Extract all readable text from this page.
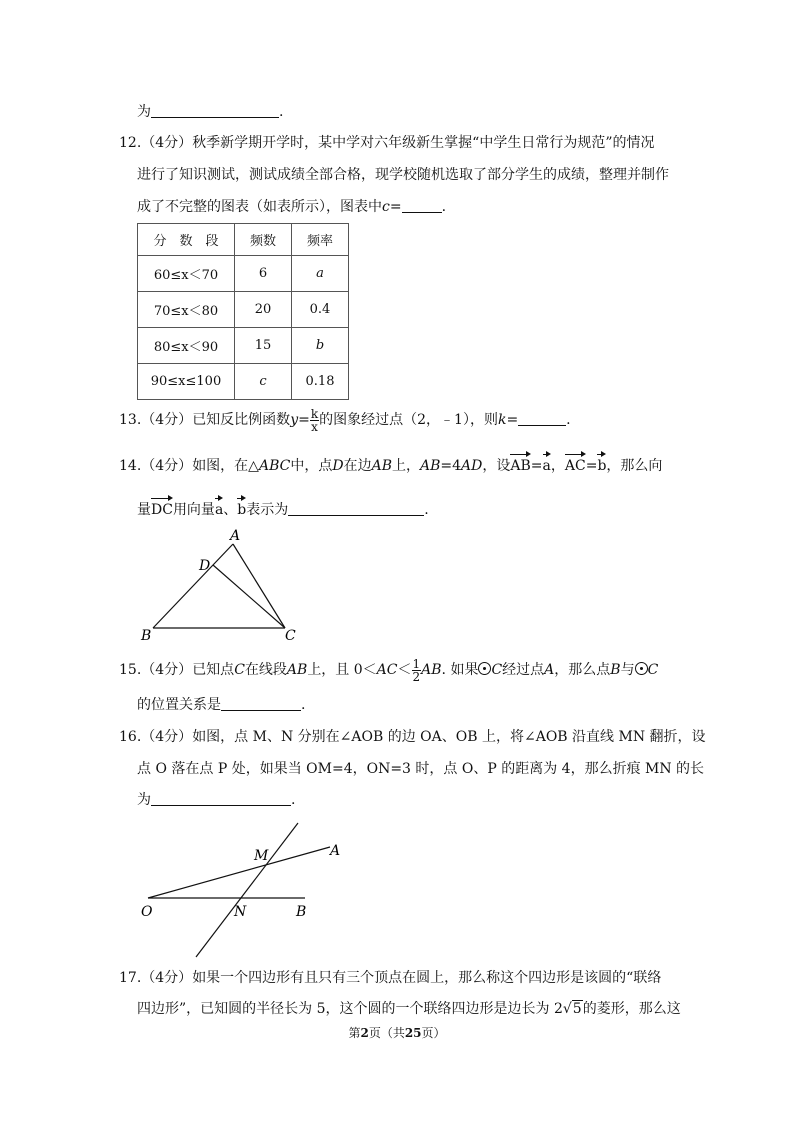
为	.
12.（4分）秋季新学期开学时，某中学对六年级新生掌握“中学生日常行为规范”的情况
进行了知识测试，测试成绩全部合格，现学校随机选取了部分学生的成绩，整理并制作
成了不完整的图表（如表所示），图表中c=	.
分　数　段	频数	频率
60≤x＜70	6	a
70≤x＜80	20	0.4
80≤x＜90	15	b
90≤x≤100	c	0.18
13.（4分）已知反比例函数$y= \frac{k}{x}$ 的图象经过点（2，﹣1），则k=	.
14.（4分）如图，在△ABC中，点D在边AB上，AB=4AD，设AB=a，AC=b，那么向
量DC用向量a、b表示为	.
A
B	C
D
15.（4分）已知点C在线段AB上，且 $0<AC< \frac{1}{2}$ AB. 如果 C经过点A，那么点B与 C
的位置关系是	.
16.（4分）如图，点 M、N 分别在∠AOB 的边 OA、OB 上，将∠AOB 沿直线 MN 翻折，设
点 O 落在点 P 处，如果当 OM=4，ON=3 时，点 O、P 的距离为 4，那么折痕 MN 的长
为	.
M	A
O	N	B
17.（4分）如果一个四边形有且只有三个顶点在圆上，那么称这个四边形是该圆的“联络
四边形”，已知圆的半径长为 5，这个圆的一个联络四边形是边长为 2√5的菱形，那么这
第2页（共25页）
